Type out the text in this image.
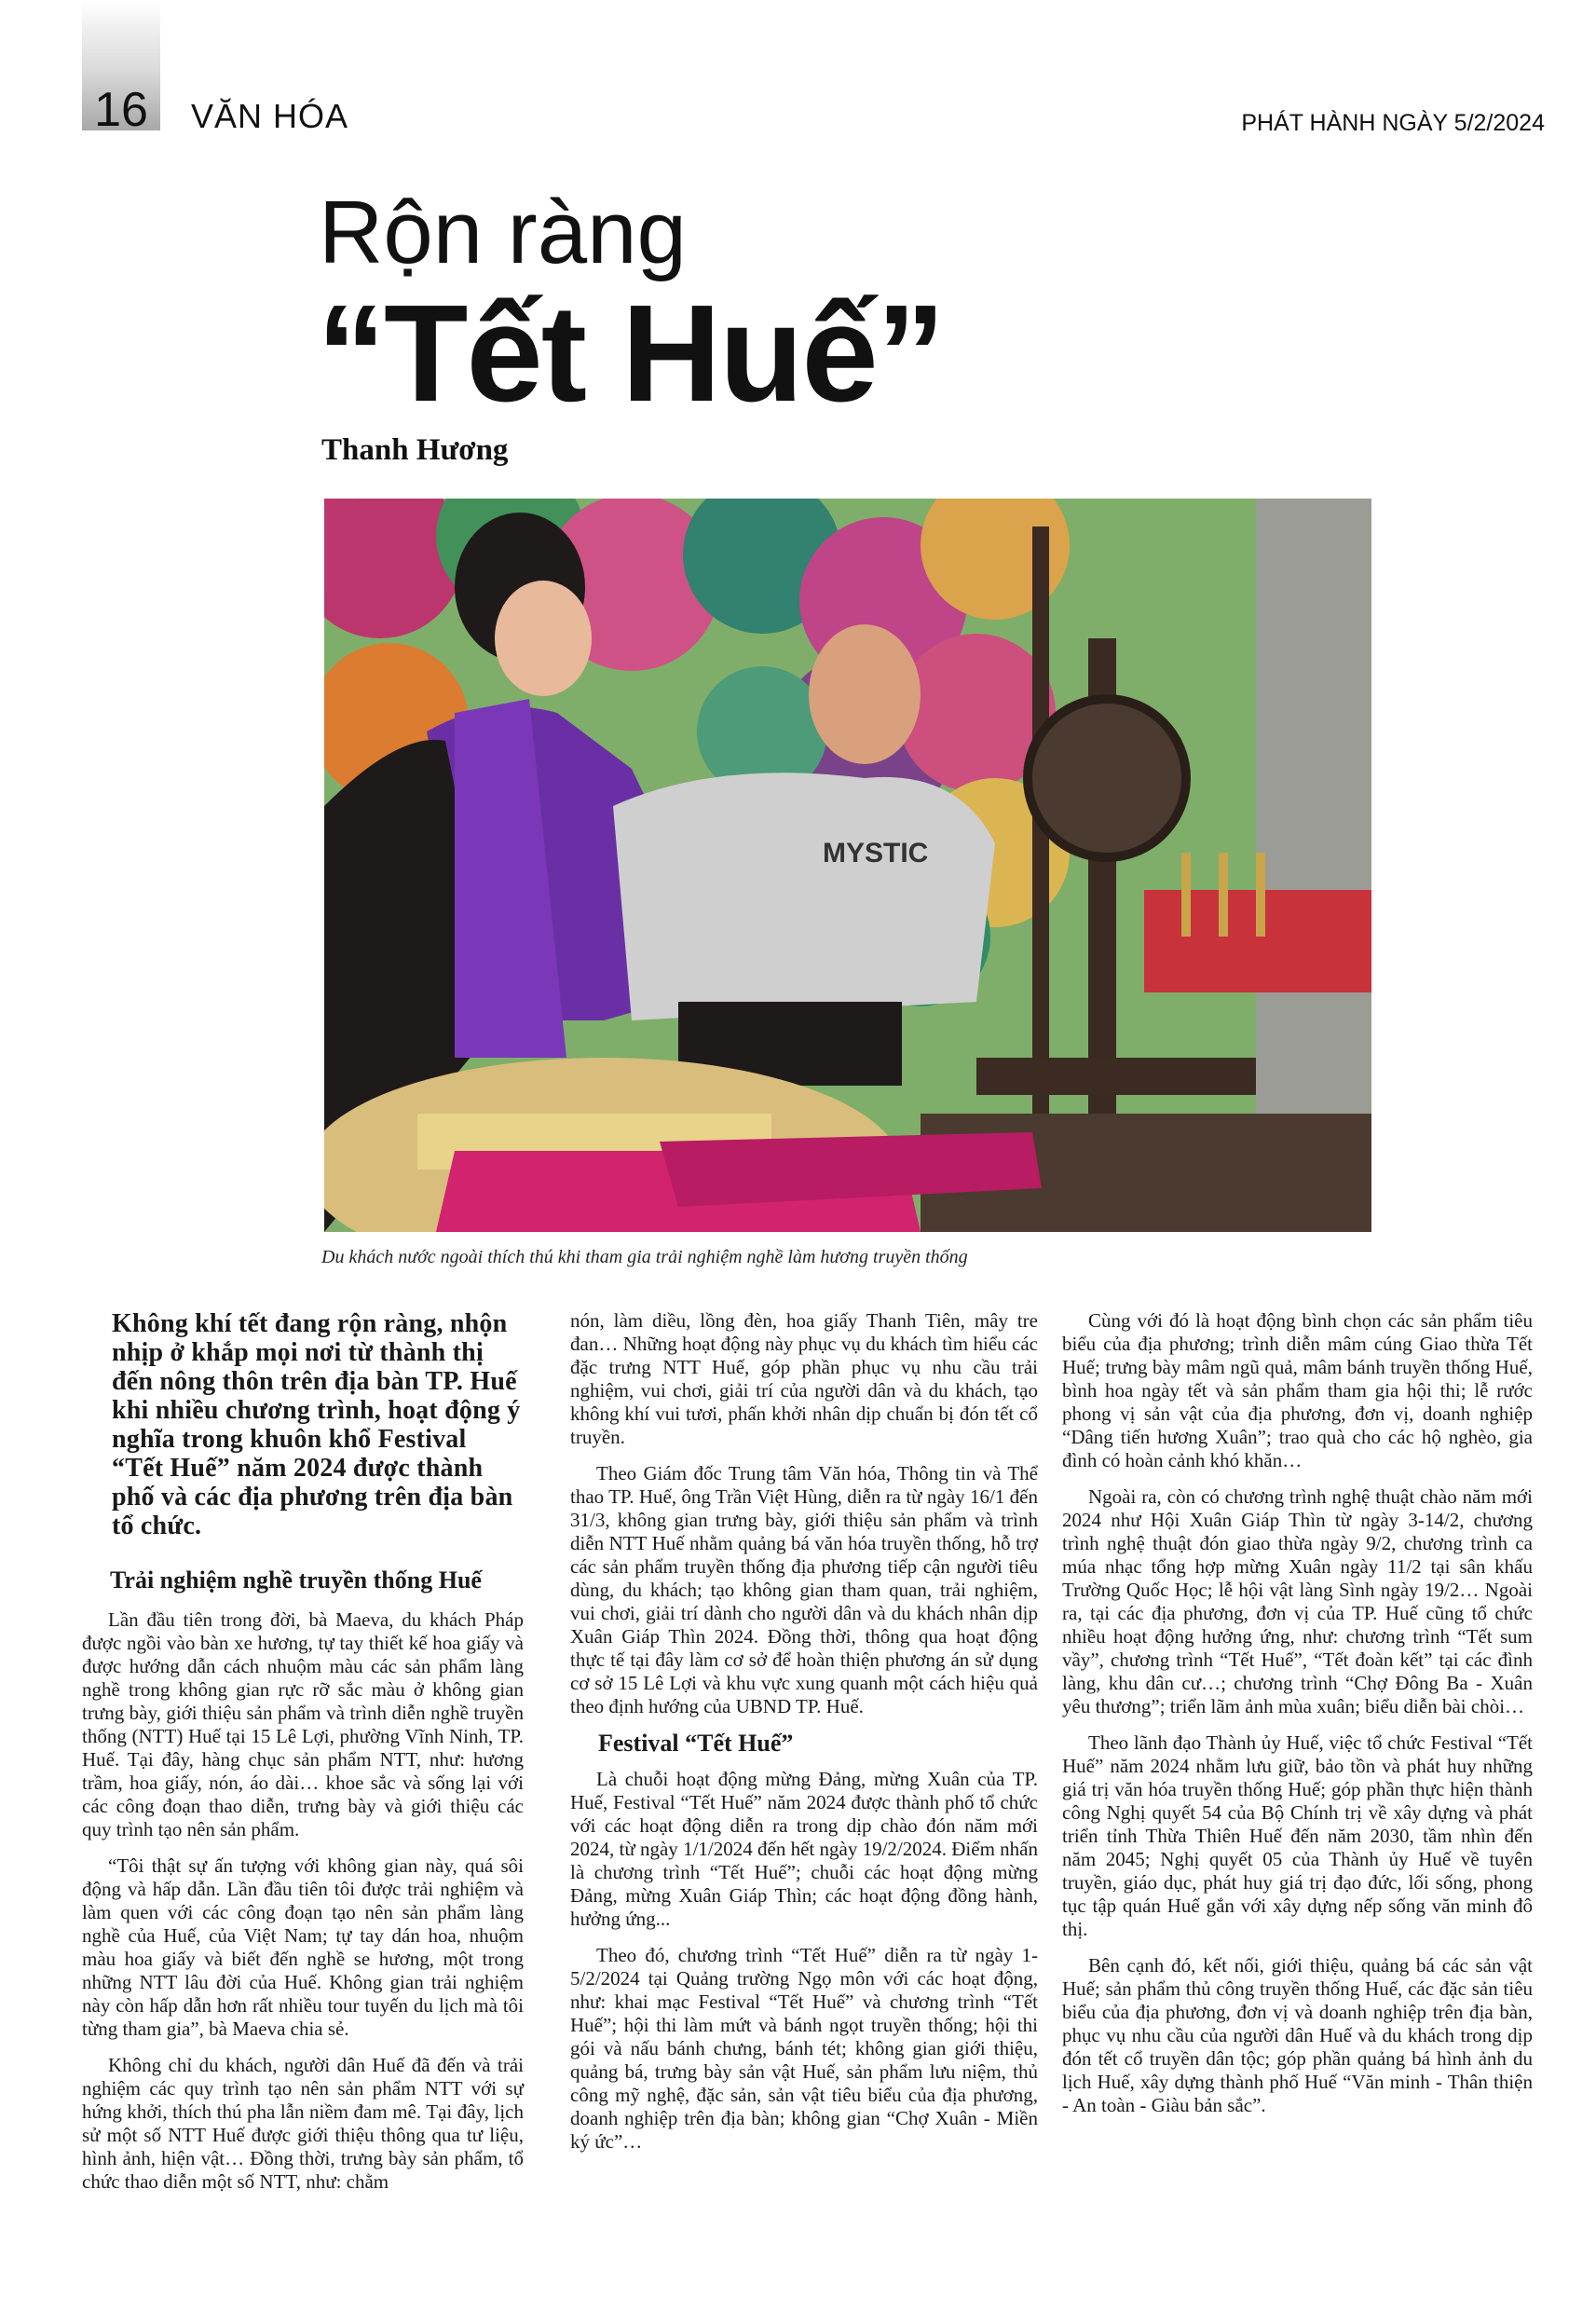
16	VĂN HÓA	PHÁT HÀNH NGÀY 5/2/2024
Rộn ràng
“Tết Huế”
Thanh Hương
MYSTIC
Du khách nước ngoài thích thú khi tham gia trải nghiệm nghề làm hương truyền thống

Không khí tết đang rộn ràng, nhộn nhịp ở khắp mọi nơi từ thành thị đến nông thôn trên địa bàn TP. Huế khi nhiều chương trình, hoạt động ý nghĩa trong khuôn khổ Festival “Tết Huế” năm 2024 được thành phố và các địa phương trên địa bàn tổ chức.

Trải nghiệm nghề truyền thống Huế

Lần đầu tiên trong đời, bà Maeva, du khách Pháp được ngồi vào bàn xe hương, tự tay thiết kế hoa giấy và được hướng dẫn cách nhuộm màu các sản phẩm làng nghề trong không gian rực rỡ sắc màu ở không gian trưng bày, giới thiệu sản phẩm và trình diễn nghề truyền thống (NTT) Huế tại 15 Lê Lợi, phường Vĩnh Ninh, TP. Huế. Tại đây, hàng chục sản phẩm NTT, như: hương trầm, hoa giấy, nón, áo dài… khoe sắc và sống lại với các công đoạn thao diễn, trưng bày và giới thiệu các quy trình tạo nên sản phẩm.

“Tôi thật sự ấn tượng với không gian này, quá sôi động và hấp dẫn. Lần đầu tiên tôi được trải nghiệm và làm quen với các công đoạn tạo nên sản phẩm làng nghề của Huế, của Việt Nam; tự tay dán hoa, nhuộm màu hoa giấy và biết đến nghề se hương, một trong những NTT lâu đời của Huế. Không gian trải nghiệm này còn hấp dẫn hơn rất nhiều tour tuyến du lịch mà tôi từng tham gia”, bà Maeva chia sẻ.

Không chỉ du khách, người dân Huế đã đến và trải nghiệm các quy trình tạo nên sản phẩm NTT với sự hứng khởi, thích thú pha lẫn niềm đam mê. Tại đây, lịch sử một số NTT Huế được giới thiệu thông qua tư liệu, hình ảnh, hiện vật… Đồng thời, trưng bày sản phẩm, tổ chức thao diễn một số NTT, như: chằm

nón, làm diều, lồng đèn, hoa giấy Thanh Tiên, mây tre đan… Những hoạt động này phục vụ du khách tìm hiểu các đặc trưng NTT Huế, góp phần phục vụ nhu cầu trải nghiệm, vui chơi, giải trí của người dân và du khách, tạo không khí vui tươi, phấn khởi nhân dịp chuẩn bị đón tết cổ truyền.

Theo Giám đốc Trung tâm Văn hóa, Thông tin và Thể thao TP. Huế, ông Trần Việt Hùng, diễn ra từ ngày 16/1 đến 31/3, không gian trưng bày, giới thiệu sản phẩm và trình diễn NTT Huế nhằm quảng bá văn hóa truyền thống, hỗ trợ các sản phẩm truyền thống địa phương tiếp cận người tiêu dùng, du khách; tạo không gian tham quan, trải nghiệm, vui chơi, giải trí dành cho người dân và du khách nhân dịp Xuân Giáp Thìn 2024. Đồng thời, thông qua hoạt động thực tế tại đây làm cơ sở để hoàn thiện phương án sử dụng cơ sở 15 Lê Lợi và khu vực xung quanh một cách hiệu quả theo định hướng của UBND TP. Huế.

Festival “Tết Huế”

Là chuỗi hoạt động mừng Đảng, mừng Xuân của TP. Huế, Festival “Tết Huế” năm 2024 được thành phố tổ chức với các hoạt động diễn ra trong dịp chào đón năm mới 2024, từ ngày 1/1/2024 đến hết ngày 19/2/2024. Điểm nhấn là chương trình “Tết Huế”; chuỗi các hoạt động mừng Đảng, mừng Xuân Giáp Thìn; các hoạt động đồng hành, hưởng ứng...

Theo đó, chương trình “Tết Huế” diễn ra từ ngày 1-5/2/2024 tại Quảng trường Ngọ môn với các hoạt động, như: khai mạc Festival “Tết Huế” và chương trình “Tết Huế”; hội thi làm mứt và bánh ngọt truyền thống; hội thi gói và nấu bánh chưng, bánh tét; không gian giới thiệu, quảng bá, trưng bày sản vật Huế, sản phẩm lưu niệm, thủ công mỹ nghệ, đặc sản, sản vật tiêu biểu của địa phương, doanh nghiệp trên địa bàn; không gian “Chợ Xuân - Miền ký ức”…

Cùng với đó là hoạt động bình chọn các sản phẩm tiêu biểu của địa phương; trình diễn mâm cúng Giao thừa Tết Huế; trưng bày mâm ngũ quả, mâm bánh truyền thống Huế, bình hoa ngày tết và sản phẩm tham gia hội thi; lễ rước phong vị sản vật của địa phương, đơn vị, doanh nghiệp “Dâng tiến hương Xuân”; trao quà cho các hộ nghèo, gia đình có hoàn cảnh khó khăn…

Ngoài ra, còn có chương trình nghệ thuật chào năm mới 2024 như Hội Xuân Giáp Thìn từ ngày 3-14/2, chương trình nghệ thuật đón giao thừa ngày 9/2, chương trình ca múa nhạc tổng hợp mừng Xuân ngày 11/2 tại sân khấu Trường Quốc Học; lễ hội vật làng Sình ngày 19/2… Ngoài ra, tại các địa phương, đơn vị của TP. Huế cũng tổ chức nhiều hoạt động hưởng ứng, như: chương trình “Tết sum vầy”, chương trình “Tết Huế”, “Tết đoàn kết” tại các đình làng, khu dân cư…; chương trình “Chợ Đông Ba - Xuân yêu thương”; triển lãm ảnh mùa xuân; biểu diễn bài chòi…

Theo lãnh đạo Thành ủy Huế, việc tổ chức Festival “Tết Huế” năm 2024 nhằm lưu giữ, bảo tồn và phát huy những giá trị văn hóa truyền thống Huế; góp phần thực hiện thành công Nghị quyết 54 của Bộ Chính trị về xây dựng và phát triển tỉnh Thừa Thiên Huế đến năm 2030, tầm nhìn đến năm 2045; Nghị quyết 05 của Thành ủy Huế về tuyên truyền, giáo dục, phát huy giá trị đạo đức, lối sống, phong tục tập quán Huế gắn với xây dựng nếp sống văn minh đô thị.

Bên cạnh đó, kết nối, giới thiệu, quảng bá các sản vật Huế; sản phẩm thủ công truyền thống Huế, các đặc sản tiêu biểu của địa phương, đơn vị và doanh nghiệp trên địa bàn, phục vụ nhu cầu của người dân Huế và du khách trong dịp đón tết cổ truyền dân tộc; góp phần quảng bá hình ảnh du lịch Huế, xây dựng thành phố Huế “Văn minh - Thân thiện - An toàn - Giàu bản sắc”.
